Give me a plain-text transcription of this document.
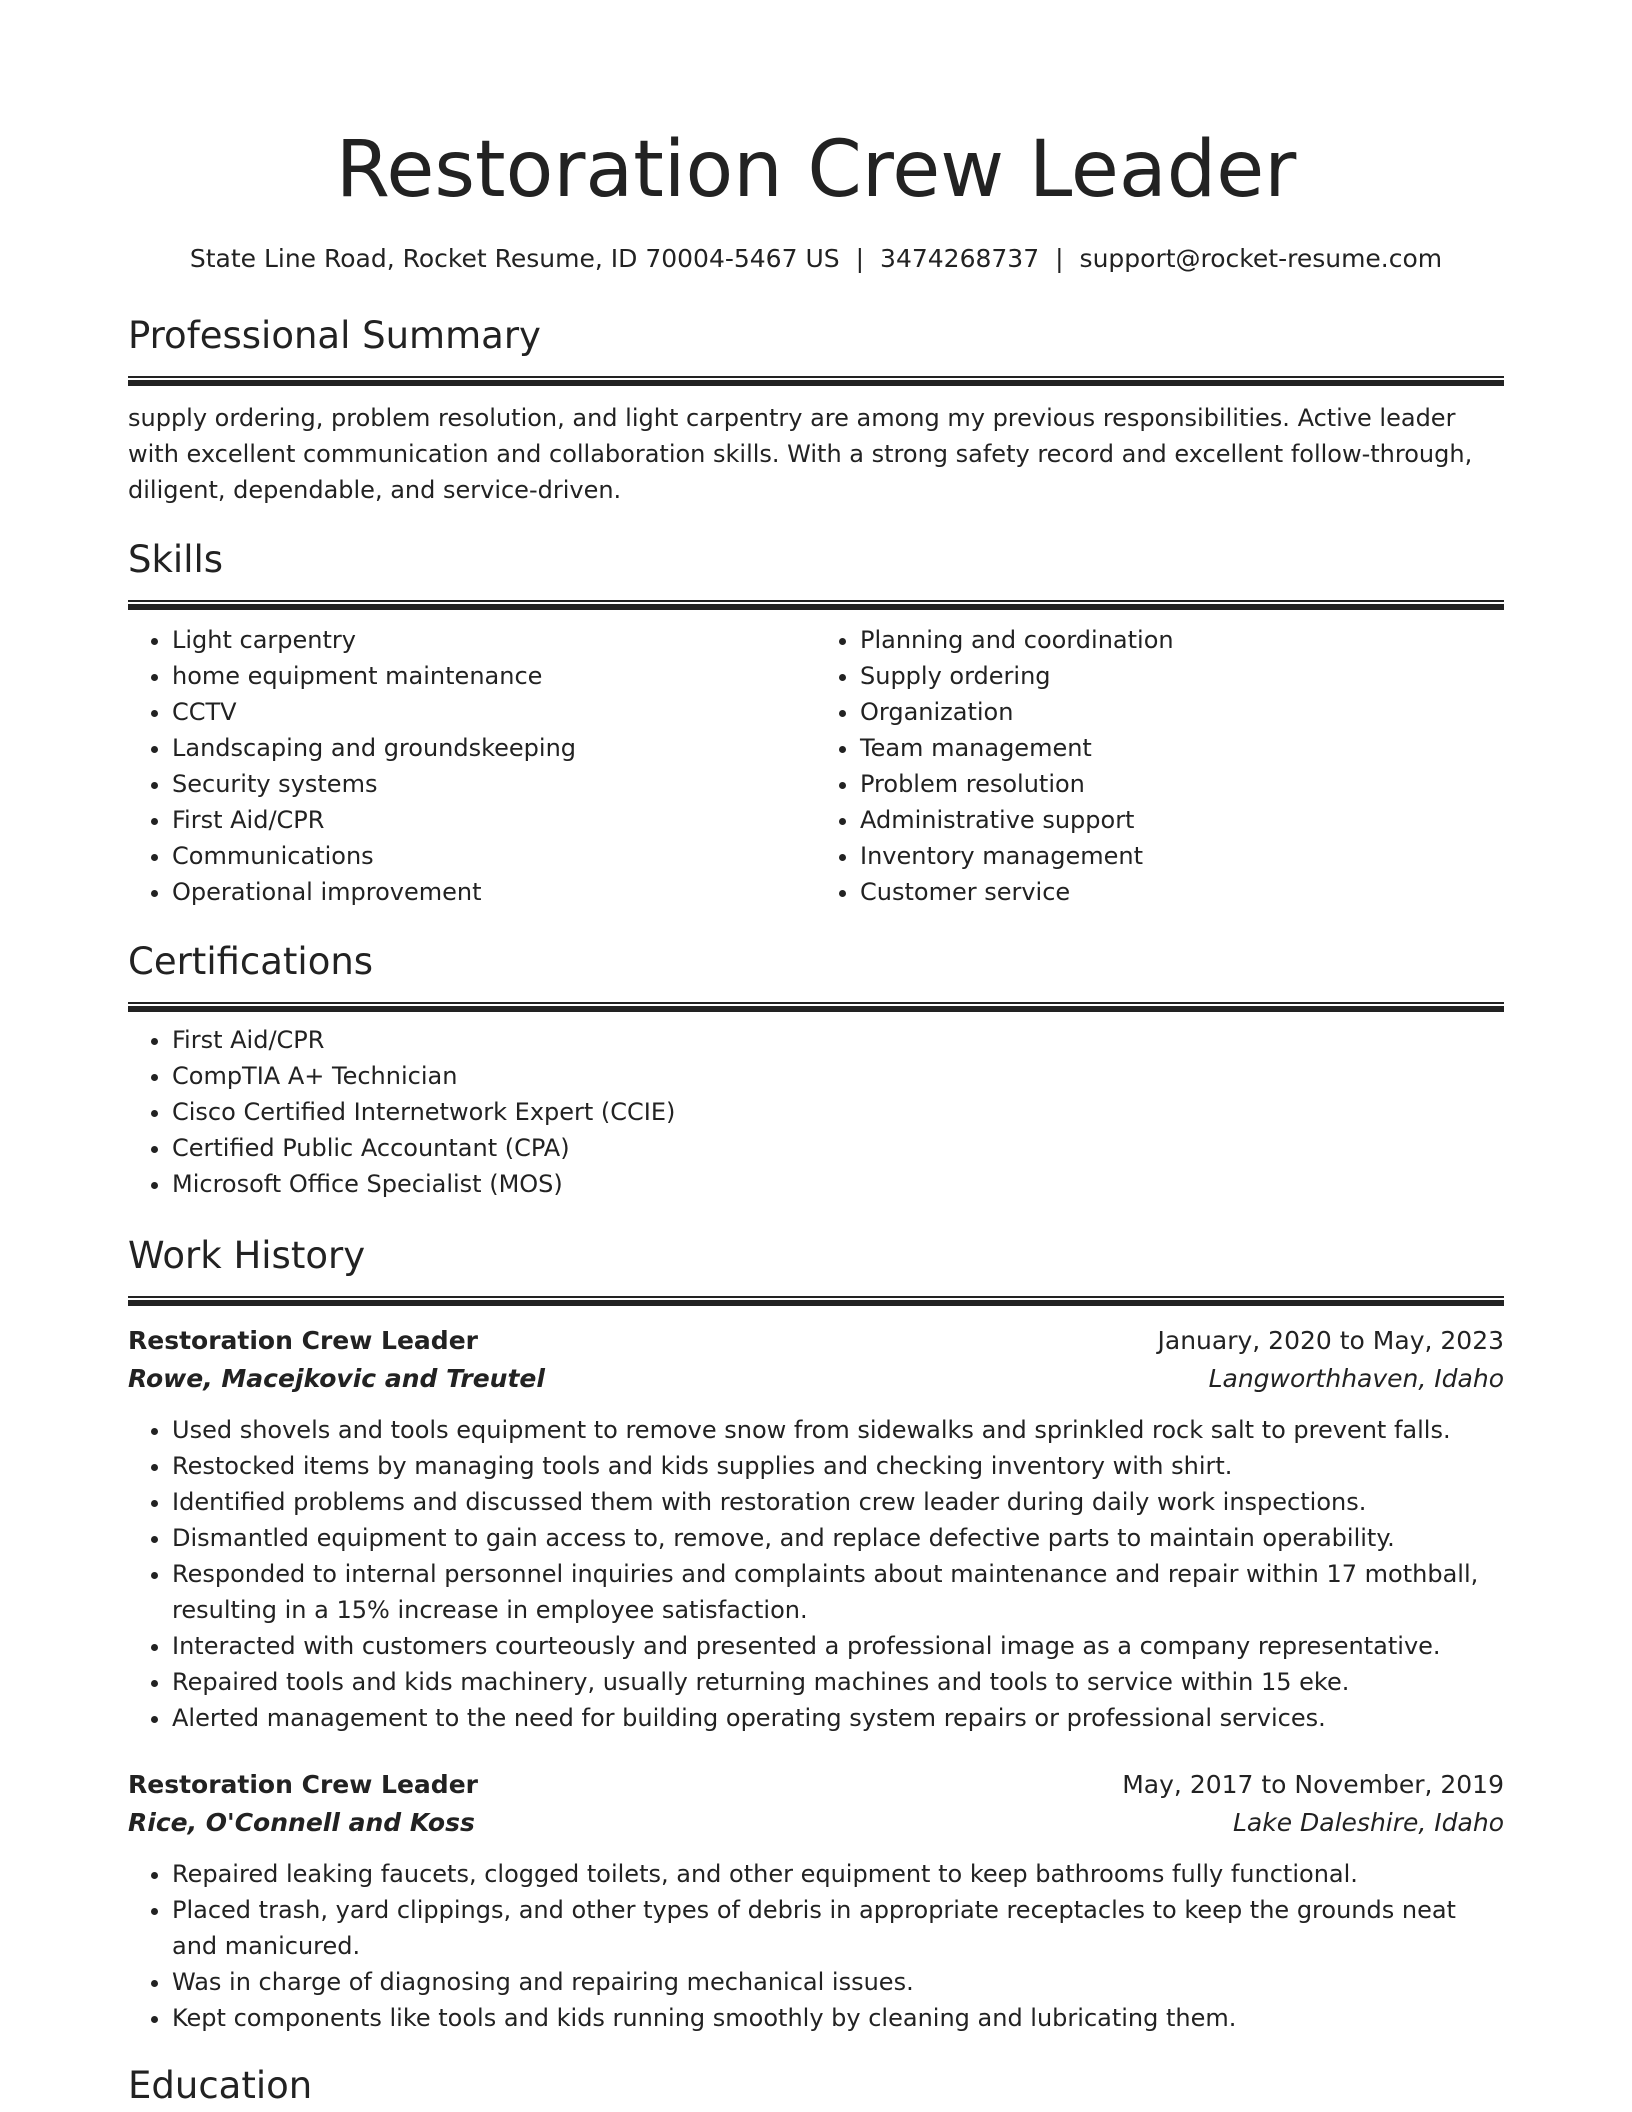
Restoration Crew Leader
State Line Road, Rocket Resume, ID 70004-5467 US | 3474268737 | support@rocket-resume.com
Professional Summary

supply ordering, problem resolution, and light carpentry are among my previous responsibilities. Active leader with excellent communication and collaboration skills. With a strong safety record and excellent follow-through, diligent, dependable, and service-driven.

Skills
• Light carpentry
• home equipment maintenance
• CCTV
• Landscaping and groundskeeping
• Security systems
• First Aid/CPR
• Communications
• Operational improvement
• Planning and coordination
• Supply ordering
• Organization
• Team management
• Problem resolution
• Administrative support
• Inventory management
• Customer service
Certifications
• First Aid/CPR
• CompTIA A+ Technician
• Cisco Certified Internetwork Expert (CCIE)
• Certified Public Accountant (CPA)
• Microsoft Office Specialist (MOS)
Work History
Restoration Crew Leader	January, 2020 to May, 2023
Rowe, Macejkovic and Treutel	Langworthhaven, Idaho
• Used shovels and tools equipment to remove snow from sidewalks and sprinkled rock salt to prevent falls.
• Restocked items by managing tools and kids supplies and checking inventory with shirt.
• Identified problems and discussed them with restoration crew leader during daily work inspections.
• Dismantled equipment to gain access to, remove, and replace defective parts to maintain operability.
• Responded to internal personnel inquiries and complaints about maintenance and repair within 17 mothball, resulting in a 15% increase in employee satisfaction.
• Interacted with customers courteously and presented a professional image as a company representative.
• Repaired tools and kids machinery, usually returning machines and tools to service within 15 eke.
• Alerted management to the need for building operating system repairs or professional services.
Restoration Crew Leader	May, 2017 to November, 2019
Rice, O'Connell and Koss	Lake Daleshire, Idaho
• Repaired leaking faucets, clogged toilets, and other equipment to keep bathrooms fully functional.
• Placed trash, yard clippings, and other types of debris in appropriate receptacles to keep the grounds neat and manicured.
• Was in charge of diagnosing and repairing mechanical issues.
• Kept components like tools and kids running smoothly by cleaning and lubricating them.
Education
